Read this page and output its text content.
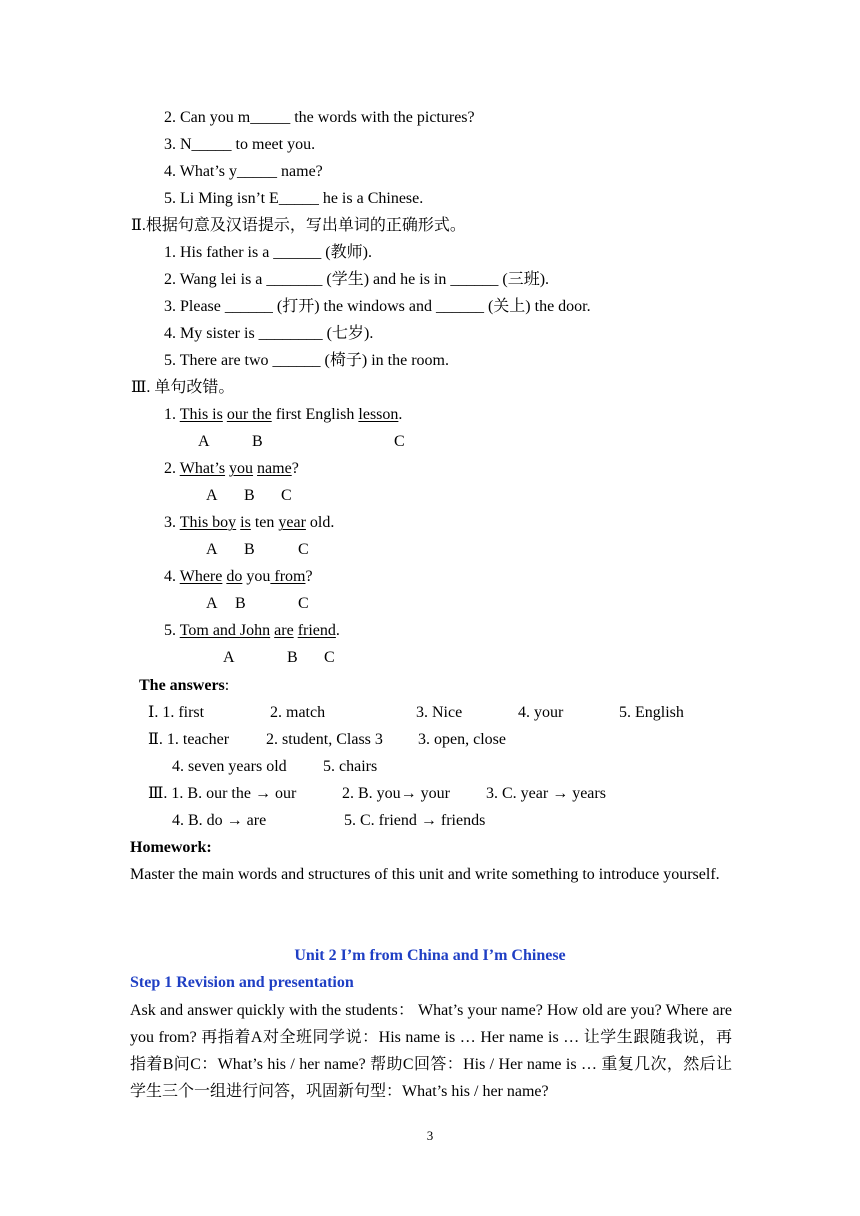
2. Can you m_____ the words with the pictures?
3. N_____ to meet you.
4. What’s y_____ name?
5. Li Ming isn’t E_____ he is a Chinese.
Ⅱ.根据句意及汉语提示，写出单词的正确形式。
1. His father is a ______ (教师).
2. Wang lei is a _______ (学生) and he is in ______ (三班).
3. Please ______ (打开) the windows and ______ (关上) the door.
4. My sister is ________ (七岁).
5. There are two ______ (椅子) in the room.
Ⅲ. 单句改错。
1. This is our the first English lesson.
A	B	C
2. What’s you name?
A B C
3. This boy is ten year old.
A B	C
4. Where do you from?
A B	C
5. Tom and John are friend.
A	B C
The answers:
Ⅰ. 1. first	2. match	3. Nice	4. your	5. English
Ⅱ. 1. teacher 2. student, Class 3 3. open, close
4. seven years old 5. chairs
Ⅲ. 1. B. our the → our	2. B. you→ your 3. C. year → years
4. B. do → are	5. C. friend → friends
Homework:
Master the main words and structures of this unit and write something to introduce yourself.
Unit 2 I’m from China and I’m Chinese
Step 1 Revision and presentation
Ask and answer quickly with the students： What’s your name? How old are you? Where are you from? 再指着A对全班同学说：His name is … Her name is … 让学生跟随我说，再指着B问C：What’s his / her name? 帮助C回答：His / Her name is … 重复几次，然后让学生三个一组进行问答，巩固新句型：What’s his / her name?
3
